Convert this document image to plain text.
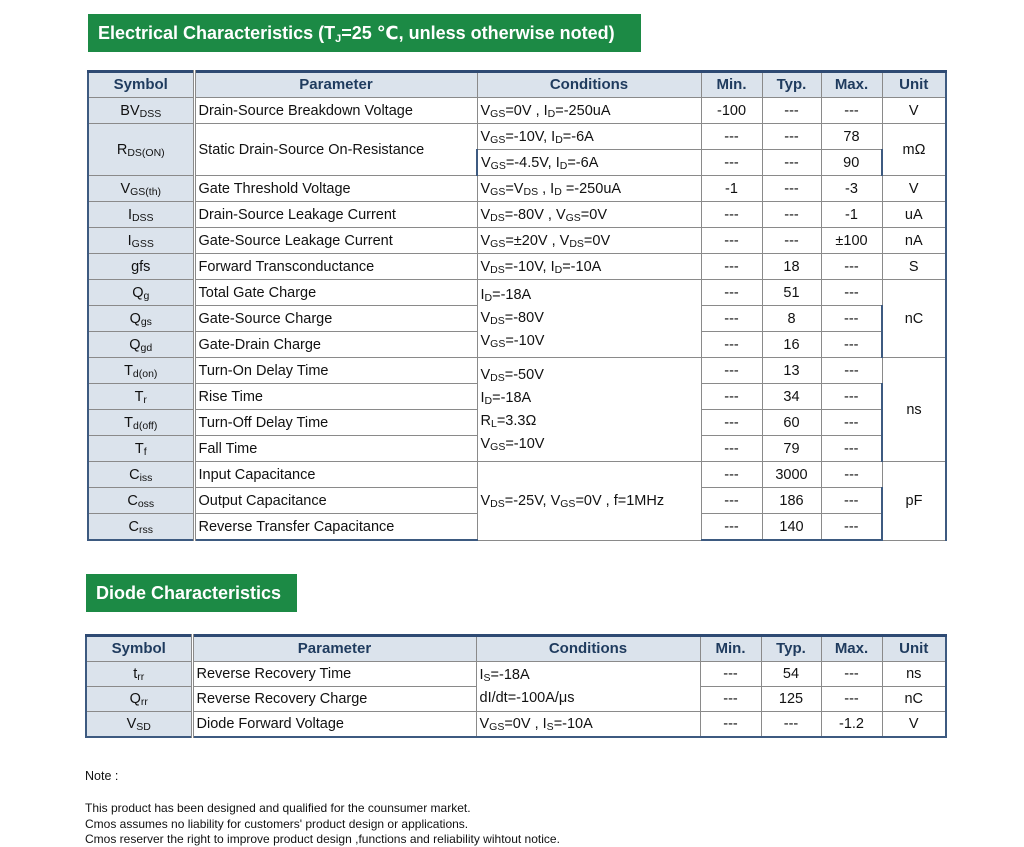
Electrical Characteristics ($T_J=25$ ℃, unless otherwise noted)
Symbol	Parameter	Conditions	Min.	Typ.	Max.	Unit
$BV_{DSS}$	Drain-Source Breakdown Voltage	$V_{GS}=0V$ , $I_D=-250uA$	-100	---	---	V
$R_{DS(ON)}$	Static Drain-Source On-Resistance	$V_{GS}=-10V$, $I_D=-6A$	---	---	78	mΩ
		$V_{GS}=-4.5V$, $I_D=-6A$	---	---	90	
$V_{GS(th)}$	Gate Threshold Voltage	$V_{GS}=V_{DS}$ , $I_D =-250uA$	-1	---	-3	V
$I_{DSS}$	Drain-Source Leakage Current	$V_{DS}=-80V$ , $V_{GS}=0V$	---	---	-1	uA
$I_{GSS}$	Gate-Source Leakage Current	$V_{GS}=\pm 20V$ , $V_{DS}=0V$	---	---	±100	nA
gfs	Forward Transconductance	$V_{DS}=-10V$, $I_D=-10A$	---	18	---	S
$Q_g$	Total Gate Charge	$I_D=-18A$
$V_{DS}=-80V$
$V_{GS}=-10V$	---	51	---	nC
$Q_{gs}$	Gate-Source Charge		---	8	---	
$Q_{gd}$	Gate-Drain Charge		---	16	---	
$T_{d(on)}$	Turn-On Delay Time	$V_{DS}=-50V$
$I_D=-18A$
$R_L=3.3\Omega$
$V_{GS}=-10V$	---	13	---	ns
$T_r$	Rise Time		---	34	---	
$T_{d(off)}$	Turn-Off Delay Time		---	60	---	
$T_f$	Fall Time		---	79	---	
$C_{iss}$	Input Capacitance	$V_{DS}=-25V$, $V_{GS}=0V$ , f=1MHz	---	3000	---	pF
$C_{oss}$	Output Capacitance		---	186	---	
$C_{rss}$	Reverse Transfer Capacitance		---	140	---	
Diode Characteristics
Symbol	Parameter	Conditions	Min.	Typ.	Max.	Unit
$t_{rr}$	Reverse Recovery Time	$I_S=-18A$
dI/dt=-100A/μs	---	54	---	ns
$Q_{rr}$	Reverse Recovery Charge		---	125	---	nC
$V_{SD}$	Diode Forward Voltage	$V_{GS}=0V$ , $I_S=-10A$	---	---	-1.2	V
Note :
This product has been designed and qualified for the counsumer market.
Cmos assumes no liability for customers' product design or applications.
Cmos reserver the right to improve product design ,functions and reliability wihtout notice.
